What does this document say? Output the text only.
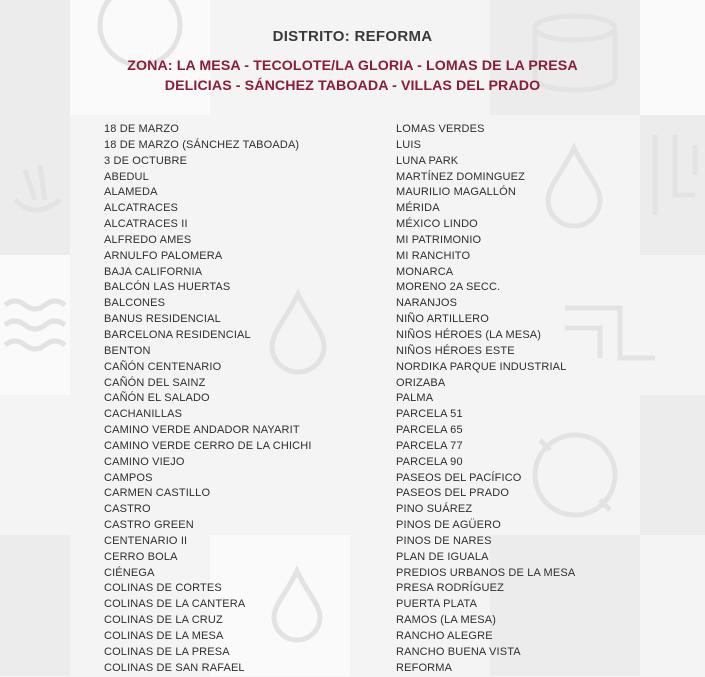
DISTRITO: REFORMA
ZONA: LA MESA - TECOLOTE/LA GLORIA - LOMAS DE LA PRESA
DELICIAS - SÁNCHEZ TABOADA - VILLAS DEL PRADO
18 DE MARZO
18 DE MARZO (SÁNCHEZ TABOADA)
3 DE OCTUBRE
ABEDUL
ALAMEDA
ALCATRACES
ALCATRACES II
ALFREDO AMES
ARNULFO PALOMERA
BAJA CALIFORNIA
BALCÓN LAS HUERTAS
BALCONES
BANUS RESIDENCIAL
BARCELONA RESIDENCIAL
BENTON
CAÑÓN CENTENARIO
CAÑÓN DEL SAINZ
CAÑÓN EL SALADO
CACHANILLAS
CAMINO VERDE ANDADOR NAYARIT
CAMINO VERDE CERRO DE LA CHICHI
CAMINO VIEJO
CAMPOS
CARMEN CASTILLO
CASTRO
CASTRO GREEN
CENTENARIO II
CERRO BOLA
CIÉNEGA
COLINAS DE CORTES
COLINAS DE LA CANTERA
COLINAS DE LA CRUZ
COLINAS DE LA MESA
COLINAS DE LA PRESA
COLINAS DE SAN RAFAEL
LOMAS VERDES
LUIS
LUNA PARK
MARTÍNEZ DOMINGUEZ
MAURILIO MAGALLÓN
MÉRIDA
MÉXICO LINDO
MI PATRIMONIO
MI RANCHITO
MONARCA
MORENO 2A SECC.
NARANJOS
NIÑO ARTILLERO
NIÑOS HÉROES (LA MESA)
NIÑOS HÉROES ESTE
NORDIKA PARQUE INDUSTRIAL
ORIZABA
PALMA
PARCELA 51
PARCELA 65
PARCELA 77
PARCELA 90
PASEOS DEL PACÍFICO
PASEOS DEL PRADO
PINO SUÁREZ
PINOS DE AGÜERO
PINOS DE NARES
PLAN DE IGUALA
PREDIOS URBANOS DE LA MESA
PRESA RODRÍGUEZ
PUERTA PLATA
RAMOS (LA MESA)
RANCHO ALEGRE
RANCHO BUENA VISTA
REFORMA
